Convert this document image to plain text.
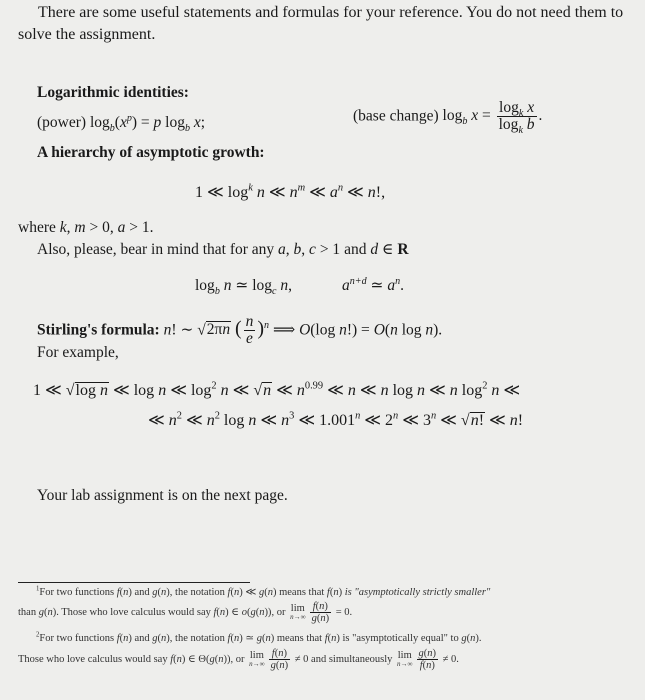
There are some useful statements and formulas for your reference. You do not need them to solve the assignment.
Logarithmic identities:
(power) $\log_b(x^p) = p$ $\log_b x$;	(base change) $\log_b x = \frac{\log_k x}{\log_k b}$ .
A hierarchy of asymptotic growth:
1 ≪ $\log^k n$ ≪ $n^m$ ≪ $a^n$ ≪ n!,
where k, m > 0, a > 1.
Also, please, bear in mind that for any a, b, c > 1 and d ∈ R
$\log_b n$ ≃ $\log_c n$,	$a^{n+d}$ ≃ $a^n$.
Stirling's formula: n! ∼ √2πn ( $\frac{n}{e} )^n$ ⟹ O(log n!) = O(n log n).
For example,
1 ≪ √log n ≪ log n ≪ $\log^2 n$ ≪ √n ≪ $n^{0.99}$ ≪ n ≪ n log n ≪ n $\log^2 n$ ≪
≪ $n^2$ ≪ $n^2$ log n ≪ $n^3$ ≪ 1.001$^n$ ≪ 2$^n$ ≪ 3$^n$ ≪ √n! ≪ n!
Your lab assignment is on the next page.
$^1$For two functions f(n) and g(n), the notation f(n) ≪ g(n) means that f(n) is "asymptotically strictly smaller"
than g(n). Those who love calculus would say f(n) ∈ o(g(n)), or lim
$n\to\infty \frac{f(n)}{g(n)} = 0$.
$^2$For two functions f(n) and g(n), the notation f(n) ≃ g(n) means that f(n) is "asymptotically equal" to g(n).
Those who love calculus would say f(n) ∈ Θ(g(n)), or lim
$n\to\infty \frac{f(n)}{g(n)} \ne 0$ and simultaneously lim
$n\to\infty \frac{g(n)}{f(n)} \ne 0$.
